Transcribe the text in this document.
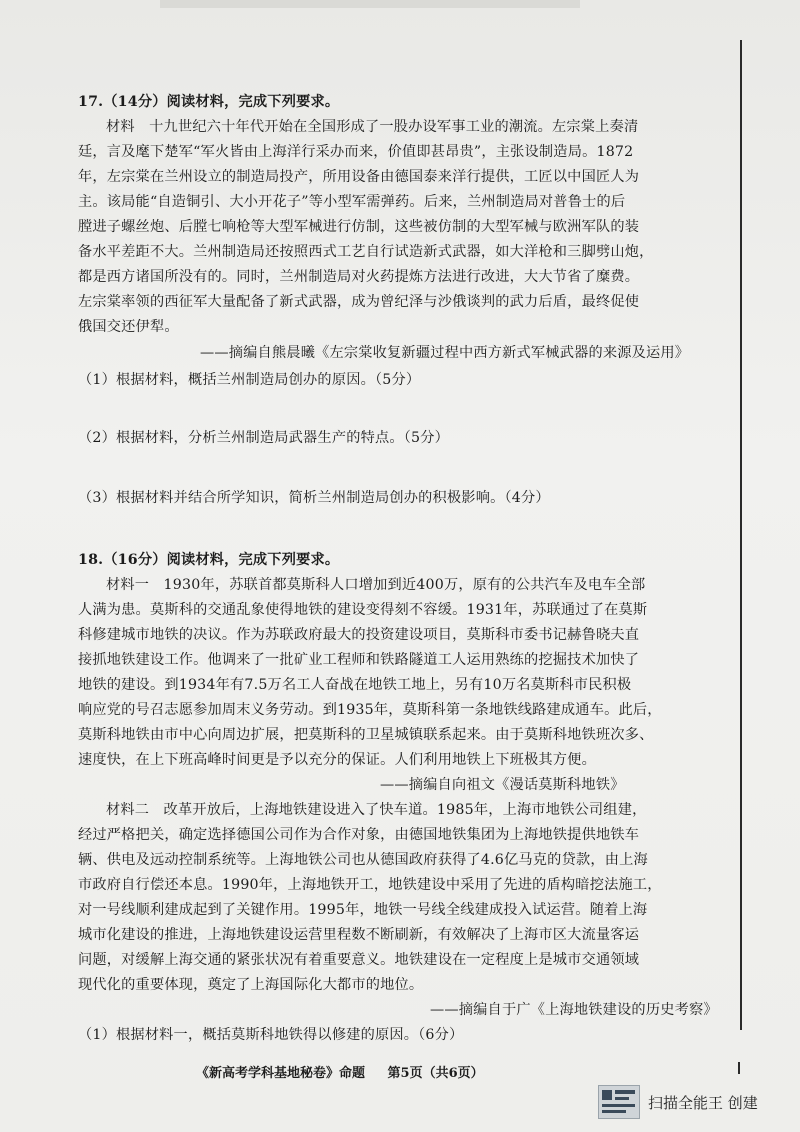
17.（14分）阅读材料，完成下列要求。
材料　十九世纪六十年代开始在全国形成了一股办设军事工业的潮流。左宗棠上奏清
廷，言及麾下楚军“军火皆由上海洋行采办而来，价值即甚昂贵”，主张设制造局。1872
年，左宗棠在兰州设立的制造局投产，所用设备由德国泰来洋行提供，工匠以中国匠人为
主。该局能“自造铜引、大小开花子”等小型军需弹药。后来，兰州制造局对普鲁士的后
膛进子螺丝炮、后膛七响枪等大型军械进行仿制，这些被仿制的大型军械与欧洲军队的装
备水平差距不大。兰州制造局还按照西式工艺自行试造新式武器，如大洋枪和三脚劈山炮，
都是西方诸国所没有的。同时，兰州制造局对火药提炼方法进行改进，大大节省了糜费。
左宗棠率领的西征军大量配备了新式武器，成为曾纪泽与沙俄谈判的武力后盾，最终促使
俄国交还伊犁。
——摘编自熊晨曦《左宗棠收复新疆过程中西方新式军械武器的来源及运用》
（1）根据材料，概括兰州制造局创办的原因。（5分）
（2）根据材料，分析兰州制造局武器生产的特点。（5分）
（3）根据材料并结合所学知识，简析兰州制造局创办的积极影响。（4分）
18.（16分）阅读材料，完成下列要求。
材料一　1930年，苏联首都莫斯科人口增加到近400万，原有的公共汽车及电车全部
人满为患。莫斯科的交通乱象使得地铁的建设变得刻不容缓。1931年，苏联通过了在莫斯
科修建城市地铁的决议。作为苏联政府最大的投资建设项目，莫斯科市委书记赫鲁晓夫直
接抓地铁建设工作。他调来了一批矿业工程师和铁路隧道工人运用熟练的挖掘技术加快了
地铁的建设。到1934年有7.5万名工人奋战在地铁工地上，另有10万名莫斯科市民积极
响应党的号召志愿参加周末义务劳动。到1935年，莫斯科第一条地铁线路建成通车。此后，
莫斯科地铁由市中心向周边扩展，把莫斯科的卫星城镇联系起来。由于莫斯科地铁班次多、
速度快，在上下班高峰时间更是予以充分的保证。人们利用地铁上下班极其方便。
——摘编自向祖文《漫话莫斯科地铁》
材料二　改革开放后，上海地铁建设进入了快车道。1985年，上海市地铁公司组建，
经过严格把关，确定选择德国公司作为合作对象，由德国地铁集团为上海地铁提供地铁车
辆、供电及远动控制系统等。上海地铁公司也从德国政府获得了4.6亿马克的贷款，由上海
市政府自行偿还本息。1990年，上海地铁开工，地铁建设中采用了先进的盾构暗挖法施工，
对一号线顺利建成起到了关键作用。1995年，地铁一号线全线建成投入试运营。随着上海
城市化建设的推进，上海地铁建设运营里程数不断刷新，有效解决了上海市区大流量客运
问题，对缓解上海交通的紧张状况有着重要意义。地铁建设在一定程度上是城市交通领域
现代化的重要体现，奠定了上海国际化大都市的地位。
——摘编自于广《上海地铁建设的历史考察》
（1）根据材料一，概括莫斯科地铁得以修建的原因。（6分）
《新高考学科基地秘卷》命题 第5页（共6页）
扫描全能王 创建
